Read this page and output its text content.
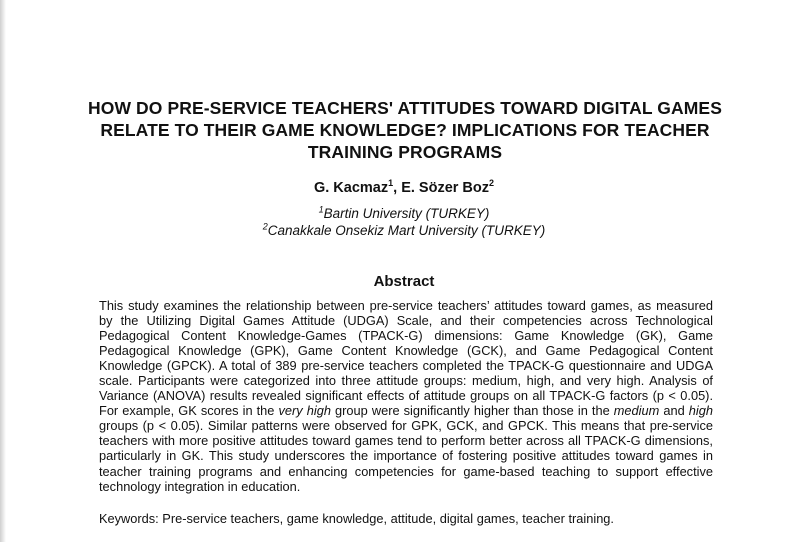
HOW DO PRE-SERVICE TEACHERS' ATTITUDES TOWARD DIGITAL GAMES RELATE TO THEIR GAME KNOWLEDGE? IMPLICATIONS FOR TEACHER TRAINING PROGRAMS
G. Kacmaz$^1$, E. Sözer Boz$^2$
$^1$Bartin University (TURKEY)
$^2$Canakkale Onsekiz Mart University (TURKEY)
Abstract

This study examines the relationship between pre-service teachers’ attitudes toward games, as measured by the Utilizing Digital Games Attitude (UDGA) Scale, and their competencies across Technological Pedagogical Content Knowledge-Games (TPACK-G) dimensions: Game Knowledge (GK), Game Pedagogical Knowledge (GPK), Game Content Knowledge (GCK), and Game Pedagogical Content Knowledge (GPCK). A total of 389 pre-service teachers completed the TPACK-G questionnaire and UDGA scale. Participants were categorized into three attitude groups: medium, high, and very high. Analysis of Variance (ANOVA) results revealed significant effects of attitude groups on all TPACK-G factors (p < 0.05). For example, GK scores in the very high group were significantly higher than those in the medium and high groups (p < 0.05). Similar patterns were observed for GPK, GCK, and GPCK. This means that pre-service teachers with more positive attitudes toward games tend to perform better across all TPACK-G dimensions, particularly in GK. This study underscores the importance of fostering positive attitudes toward games in teacher training programs and enhancing competencies for game-based teaching to support effective technology integration in education.

Keywords: Pre-service teachers, game knowledge, attitude, digital games, teacher training.
